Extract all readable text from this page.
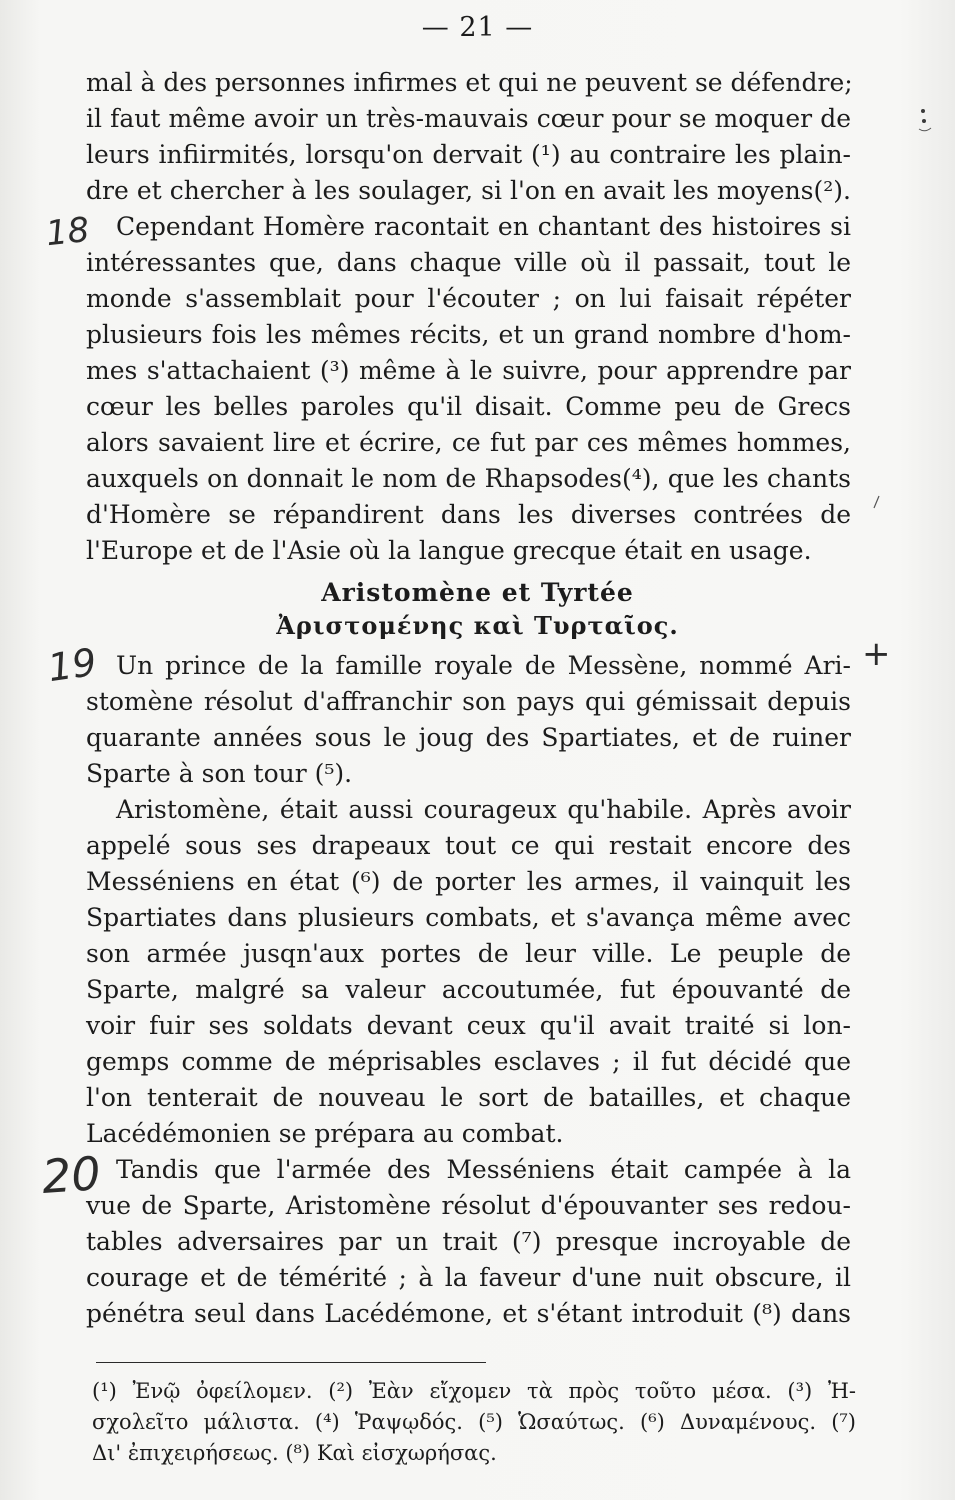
— 21 —
mal à des personnes infirmes et qui ne peuvent se défendre;
il faut même avoir un très-mauvais cœur pour se moquer de
leurs infiirmités, lorsqu'on dervait (¹) au contraire les plain-
dre et chercher à les soulager, si l'on en avait les moyens(²).
Cependant Homère racontait en chantant des histoires si
intéressantes que, dans chaque ville où il passait, tout le
monde s'assemblait pour l'écouter ; on lui faisait répéter
plusieurs fois les mêmes récits, et un grand nombre d'hom-
mes s'attachaient (³) même à le suivre, pour apprendre par
cœur les belles paroles qu'il disait. Comme peu de Grecs
alors savaient lire et écrire, ce fut par ces mêmes hommes,
auxquels on donnait le nom de Rhapsodes(⁴), que les chants
d'Homère se répandirent dans les diverses contrées de
l'Europe et de l'Asie où la langue grecque était en usage.
Aristomène et Tyrtée
Ἀριστομένης καὶ Τυρταῖος.
Un prince de la famille royale de Messène, nommé Ari-
stomène résolut d'affranchir son pays qui gémissait depuis
quarante années sous le joug des Spartiates, et de ruiner
Sparte à son tour (⁵).
Aristomène, était aussi courageux qu'habile. Après avoir
appelé sous ses drapeaux tout ce qui restait encore des
Messéniens en état (⁶) de porter les armes, il vainquit les
Spartiates dans plusieurs combats, et s'avança même avec
son armée jusqn'aux portes de leur ville. Le peuple de
Sparte, malgré sa valeur accoutumée, fut épouvanté de
voir fuir ses soldats devant ceux qu'il avait traité si lon-
gemps comme de méprisables esclaves ; il fut décidé que
l'on tenterait de nouveau le sort de batailles, et chaque
Lacédémonien se prépara au combat.
Tandis que l'armée des Messéniens était campée à la
vue de Sparte, Aristomène résolut d'épouvanter ses redou-
tables adversaires par un trait (⁷) presque incroyable de
courage et de témérité ; à la faveur d'une nuit obscure, il
pénétra seul dans Lacédémone, et s'étant introduit (⁸) dans
(¹) Ἐνῷ ὀφείλομεν. (²) Ἐὰν εἴχομεν τὰ πρὸς τοῦτο μέσα. (³) Ἠ-
σχολεῖτο μάλιστα. (⁴) Ῥαψῳδός. (⁵) Ὡσαύτως. (⁶) Δυναμένους. (⁷)
Δι' ἐπιχειρήσεως. (⁸) Καὶ εἰσχωρήσας.
18
19
20
+
